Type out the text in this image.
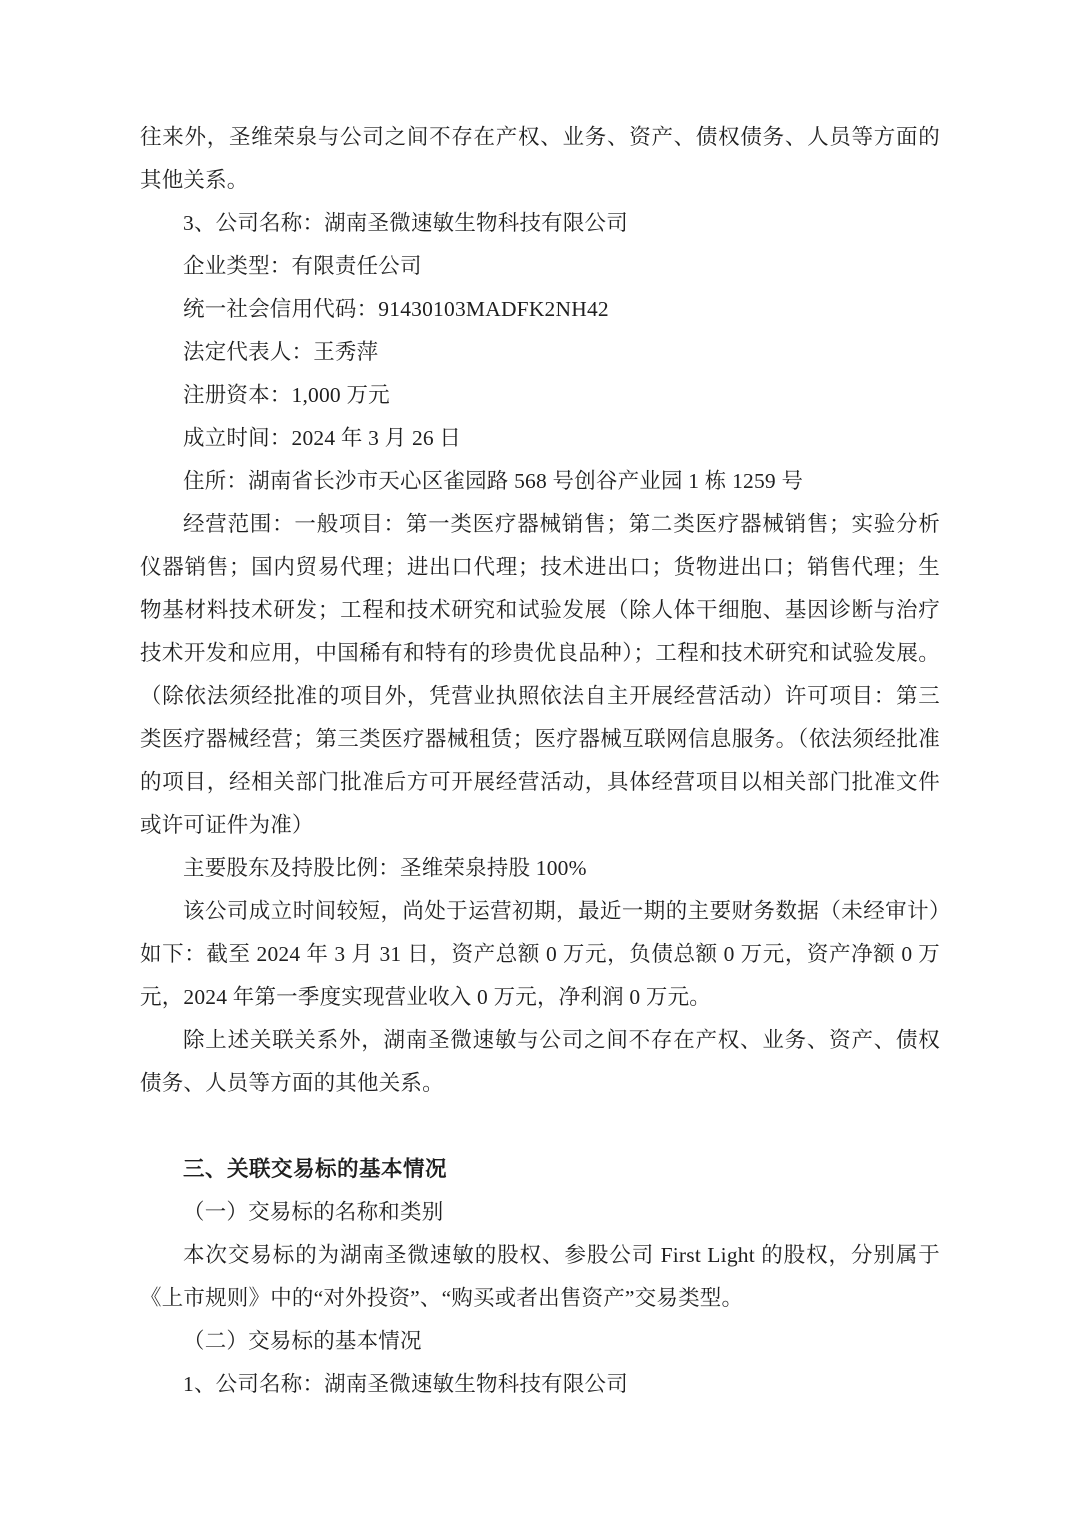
往来外，圣维荣泉与公司之间不存在产权、业务、资产、债权债务、人员等方面的其他关系。

3、公司名称：湖南圣微速敏生物科技有限公司

企业类型：有限责任公司

统一社会信用代码：91430103MADFK2NH42

法定代表人：王秀萍

注册资本：1,000 万元

成立时间：2024 年 3 月 26 日

住所：湖南省长沙市天心区雀园路 568 号创谷产业园 1 栋 1259 号

经营范围：一般项目：第一类医疗器械销售；第二类医疗器械销售；实验分析仪器销售；国内贸易代理；进出口代理；技术进出口；货物进出口；销售代理；生物基材料技术研发；工程和技术研究和试验发展（除人体干细胞、基因诊断与治疗技术开发和应用，中国稀有和特有的珍贵优良品种）；工程和技术研究和试验发展。（除依法须经批准的项目外，凭营业执照依法自主开展经营活动）许可项目：第三类医疗器械经营；第三类医疗器械租赁；医疗器械互联网信息服务。（依法须经批准的项目，经相关部门批准后方可开展经营活动，具体经营项目以相关部门批准文件或许可证件为准）

主要股东及持股比例：圣维荣泉持股 100%

该公司成立时间较短，尚处于运营初期，最近一期的主要财务数据（未经审计）如下：截至 2024 年 3 月 31 日，资产总额 0 万元，负债总额 0 万元，资产净额 0 万元，2024 年第一季度实现营业收入 0 万元，净利润 0 万元。

除上述关联关系外，湖南圣微速敏与公司之间不存在产权、业务、资产、债权债务、人员等方面的其他关系。

三、关联交易标的基本情况

（一）交易标的名称和类别

本次交易标的为湖南圣微速敏的股权、参股公司 First Light 的股权，分别属于《上市规则》中的“对外投资”、“购买或者出售资产”交易类型。

（二）交易标的基本情况

1、公司名称：湖南圣微速敏生物科技有限公司
